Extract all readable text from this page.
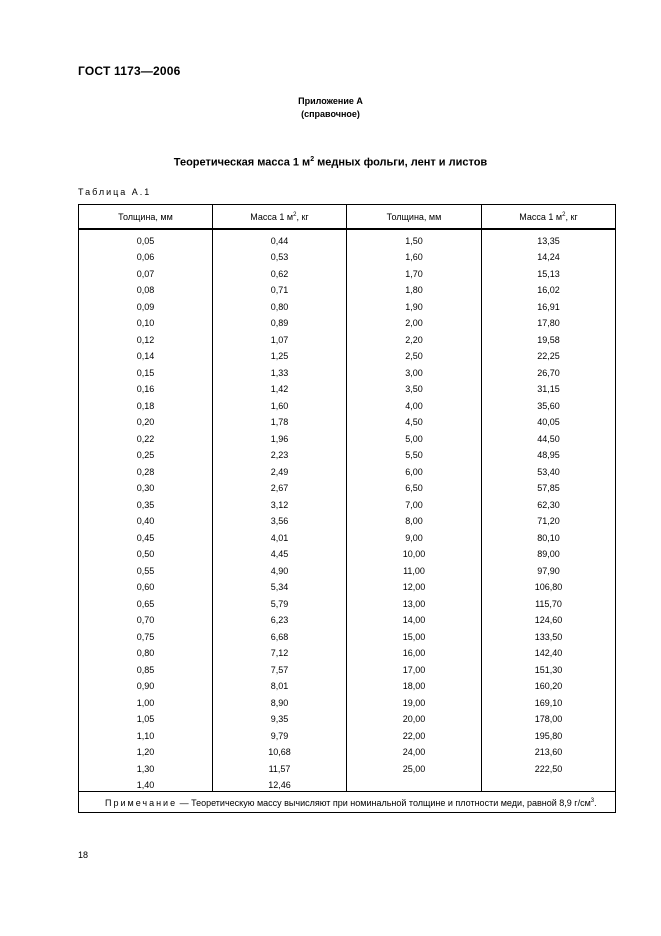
ГОСТ 1173—2006
Приложение А
(справочное)
Теоретическая масса 1 $м^2$ медных фольги, лент и листов
Таблица А.1
Толщина, мм	Масса 1 $м^2$, кг	Толщина, мм	Масса 1 $м^2$, кг
0,05	0,44	1,50	13,35
0,06	0,53	1,60	14,24
0,07	0,62	1,70	15,13
0,08	0,71	1,80	16,02
0,09	0,80	1,90	16,91
0,10	0,89	2,00	17,80
0,12	1,07	2,20	19,58
0,14	1,25	2,50	22,25
0,15	1,33	3,00	26,70
0,16	1,42	3,50	31,15
0,18	1,60	4,00	35,60
0,20	1,78	4,50	40,05
0,22	1,96	5,00	44,50
0,25	2,23	5,50	48,95
0,28	2,49	6,00	53,40
0,30	2,67	6,50	57,85
0,35	3,12	7,00	62,30
0,40	3,56	8,00	71,20
0,45	4,01	9,00	80,10
0,50	4,45	10,00	89,00
0,55	4,90	11,00	97,90
0,60	5,34	12,00	106,80
0,65	5,79	13,00	115,70
0,70	6,23	14,00	124,60
0,75	6,68	15,00	133,50
0,80	7,12	16,00	142,40
0,85	7,57	17,00	151,30
0,90	8,01	18,00	160,20
1,00	8,90	19,00	169,10
1,05	9,35	20,00	178,00
1,10	9,79	22,00	195,80
1,20	10,68	24,00	213,60
1,30	11,57	25,00	222,50
1,40	12,46		
Примечание — Теоретическую массу вычисляют при номинальной толщине и плотности меди, равной 8,9 $г/см^3$.			
18
